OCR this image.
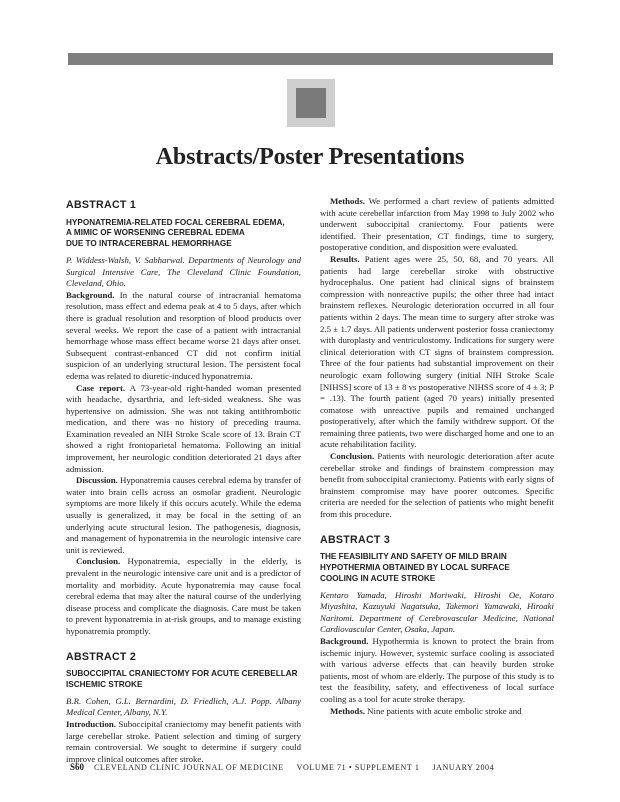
Abstracts/Poster Presentations
ABSTRACT 1
HYPONATREMIA-RELATED FOCAL CEREBRAL EDEMA,
A MIMIC OF WORSENING CEREBRAL EDEMA
DUE TO INTRACEREBRAL HEMORRHAGE

P. Widdess-Walsh, V. Sabharwal. Departments of Neurology and Surgical Intensive Care, The Cleveland Clinic Foundation, Cleveland, Ohio.

Background. In the natural course of intracranial hematoma resolution, mass effect and edema peak at 4 to 5 days, after which there is gradual resolution and resorption of blood products over several weeks. We report the case of a patient with intracranial hemorrhage whose mass effect became worse 21 days after onset. Subsequent contrast-enhanced CT did not confirm initial suspicion of an underlying structural lesion. The persistent focal edema was related to diuretic-induced hyponatremia.

Case report. A 73-year-old right-handed woman presented with headache, dysarthria, and left-sided weakness. She was hypertensive on admission. She was not taking antithrombotic medication, and there was no history of preceding trauma. Examination revealed an NIH Stroke Scale score of 13. Brain CT showed a right frontoparietal hematoma. Following an initial improvement, her neurologic condition deteriorated 21 days after admission.

Discussion. Hyponatremia causes cerebral edema by transfer of water into brain cells across an osmolar gradient. Neurologic symptoms are more likely if this occurs acutely. While the edema usually is generalized, it may be focal in the setting of an underlying acute structural lesion. The pathogenesis, diagnosis, and management of hyponatremia in the neurologic intensive care unit is reviewed.

Conclusion. Hyponatremia, especially in the elderly, is prevalent in the neurologic intensive care unit and is a predictor of mortality and morbidity. Acute hyponatremia may cause focal cerebral edema that may alter the natural course of the underlying disease process and complicate the diagnosis. Care must be taken to prevent hyponatremia in at-risk groups, and to manage existing hyponatremia promptly.

ABSTRACT 2
SUBOCCIPITAL CRANIECTOMY FOR ACUTE CEREBELLAR
ISCHEMIC STROKE

B.R. Cohen, G.L. Bernardini, D. Friedlich, A.J. Popp. Albany Medical Center, Albany, N.Y.

Introduction. Suboccipital craniectomy may benefit patients with large cerebellar stroke. Patient selection and timing of surgery remain controversial. We sought to determine if surgery could improve clinical outcomes after stroke.

Methods. We performed a chart review of patients admitted with acute cerebellar infarction from May 1998 to July 2002 who underwent suboccipital craniectomy. Four patients were identified. Their presentation, CT findings, time to surgery, postoperative condition, and disposition were evaluated.

Results. Patient ages were 25, 50, 68, and 70 years. All patients had large cerebellar stroke with obstructive hydrocephalus. One patient had clinical signs of brainstem compression with nonreactive pupils; the other three had intact brainstem reflexes. Neurologic deterioration occurred in all four patients within 2 days. The mean time to surgery after stroke was 2.5 ± 1.7 days. All patients underwent posterior fossa craniectomy with duroplasty and ventriculostomy. Indications for surgery were clinical deterioration with CT signs of brainstem compression. Three of the four patients had substantial improvement on their neurologic exam following surgery (initial NIH Stroke Scale [NIHSS] score of 13 ± 8 vs postoperative NIHSS score of 4 ± 3; P = .13). The fourth patient (aged 70 years) initially presented comatose with unreactive pupils and remained unchanged postoperatively, after which the family withdrew support. Of the remaining three patients, two were discharged home and one to an acute rehabilitation facility.

Conclusion. Patients with neurologic deterioration after acute cerebellar stroke and findings of brainstem compression may benefit from suboccipital craniectomy. Patients with early signs of brainstem compromise may have poorer outcomes. Specific criteria are needed for the selection of patients who might benefit from this procedure.

ABSTRACT 3
THE FEASIBILITY AND SAFETY OF MILD BRAIN
HYPOTHERMIA OBTAINED BY LOCAL SURFACE
COOLING IN ACUTE STROKE

Kentaro Yamada, Hiroshi Moriwaki, Hiroshi Oe, Kotaro Miyashita, Kazuyuki Nagatsuka, Takemori Yamawaki, Hiroaki Naritomi. Department of Cerebrovascular Medicine, National Cardiovascular Center, Osaka, Japan.

Background. Hypothermia is known to protect the brain from ischemic injury. However, systemic surface cooling is associated with various adverse effects that can heavily burden stroke patients, most of whom are elderly. The purpose of this study is to test the feasibility, safety, and effectiveness of local surface cooling as a tool for acute stroke therapy.

Methods. Nine patients with acute embolic stroke and

S60 CLEVELAND CLINIC JOURNAL OF MEDICINE     VOLUME 71 • SUPPLEMENT 1     JANUARY 2004
